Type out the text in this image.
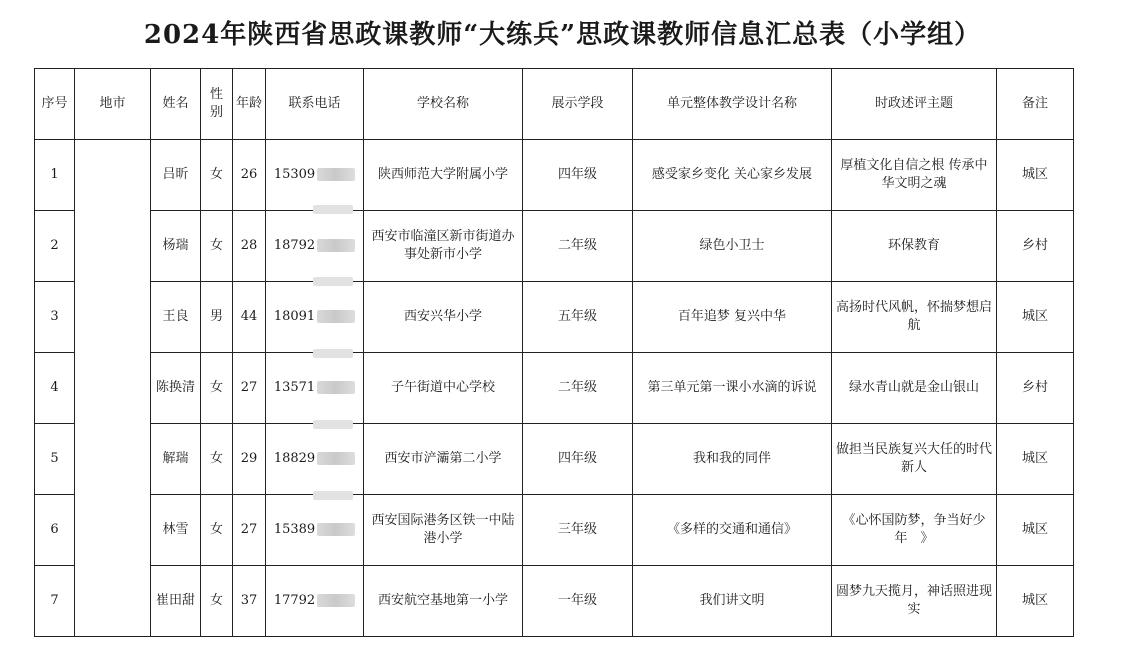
2024年陕西省思政课教师“大练兵”思政课教师信息汇总表（小学组）
序号	地市	姓名	性别	年龄	联系电话	学校名称	展示学段	单元整体教学设计名称	时政述评主题	备注
1		吕昕	女	26	15309	陕西师范大学附属小学	四年级	感受家乡变化 关心家乡发展	厚植文化自信之根 传承中华文明之魂	城区
2		杨瑞	女	28	18792	西安市临潼区新市街道办事处新市小学	二年级	绿色小卫士	环保教育	乡村
3		王良	男	44	18091	西安兴华小学	五年级	百年追梦 复兴中华	高扬时代风帆，怀揣梦想启航	城区
4		陈换清	女	27	13571	子午街道中心学校	二年级	第三单元第一课小水滴的诉说	绿水青山就是金山银山	乡村
5		解瑞	女	29	18829	西安市浐灞第二小学	四年级	我和我的同伴	做担当民族复兴大任的时代新人	城区
6		林雪	女	27	15389	西安国际港务区铁一中陆港小学	三年级	《多样的交通和通信》	《心怀国防梦，争当好少年　》	城区
7		崔田甜	女	37	17792	西安航空基地第一小学	一年级	我们讲文明	圆梦九天揽月，神话照进现实	城区
